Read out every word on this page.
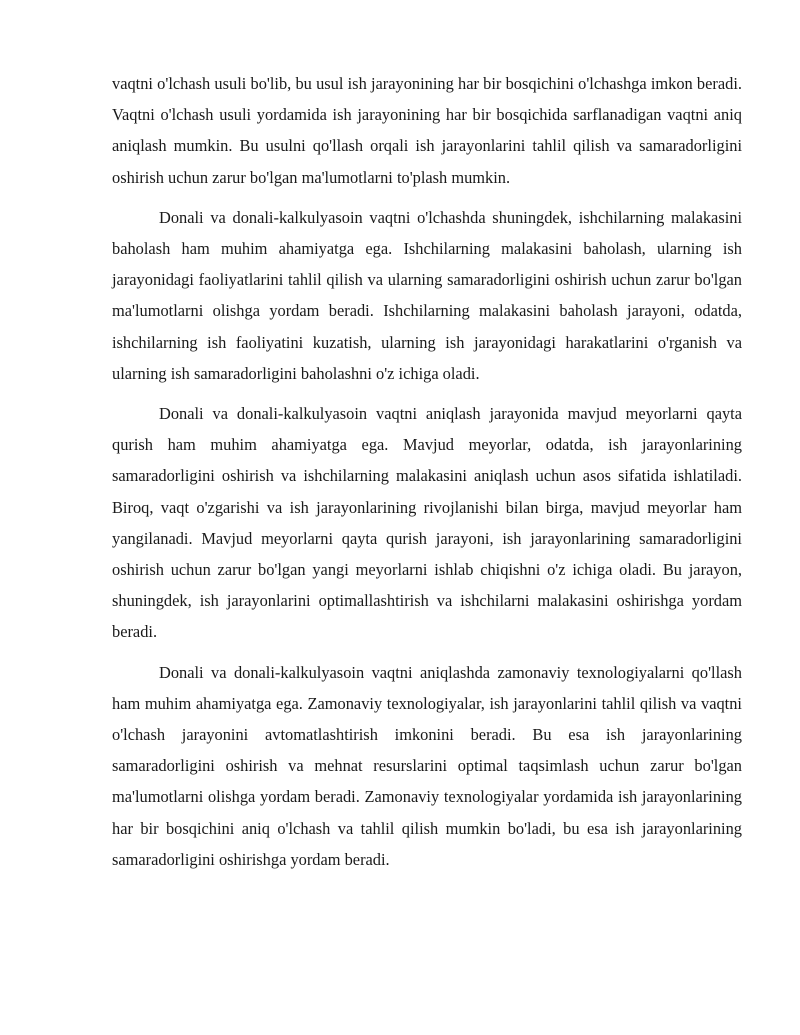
vaqtni o'lchash usuli bo'lib, bu usul ish jarayonining har bir bosqichini o'lchashga imkon beradi. Vaqtni o'lchash usuli yordamida ish jarayonining har bir bosqichida sarflanadigan vaqtni aniq aniqlash mumkin. Bu usulni qo'llash orqali ish jarayonlarini tahlil qilish va samaradorligini oshirish uchun zarur bo'lgan ma'lumotlarni to'plash mumkin.

Donali va donali-kalkulyasoin vaqtni o'lchashda shuningdek, ishchilarning malakasini baholash ham muhim ahamiyatga ega. Ishchilarning malakasini baholash, ularning ish jarayonidagi faoliyatlarini tahlil qilish va ularning samaradorligini oshirish uchun zarur bo'lgan ma'lumotlarni olishga yordam beradi. Ishchilarning malakasini baholash jarayoni, odatda, ishchilarning ish faoliyatini kuzatish, ularning ish jarayonidagi harakatlarini o'rganish va ularning ish samaradorligini baholashni o'z ichiga oladi.

Donali va donali-kalkulyasoin vaqtni aniqlash jarayonida mavjud meyorlarni qayta qurish ham muhim ahamiyatga ega. Mavjud meyorlar, odatda, ish jarayonlarining samaradorligini oshirish va ishchilarning malakasini aniqlash uchun asos sifatida ishlatiladi. Biroq, vaqt o'zgarishi va ish jarayonlarining rivojlanishi bilan birga, mavjud meyorlar ham yangilanadi. Mavjud meyorlarni qayta qurish jarayoni, ish jarayonlarining samaradorligini oshirish uchun zarur bo'lgan yangi meyorlarni ishlab chiqishni o'z ichiga oladi. Bu jarayon, shuningdek, ish jarayonlarini optimallashtirish va ishchilarni malakasini oshirishga yordam beradi.

Donali va donali-kalkulyasoin vaqtni aniqlashda zamonaviy texnologiyalarni qo'llash ham muhim ahamiyatga ega. Zamonaviy texnologiyalar, ish jarayonlarini tahlil qilish va vaqtni o'lchash jarayonini avtomatlashtirish imkonini beradi. Bu esa ish jarayonlarining samaradorligini oshirish va mehnat resurslarini optimal taqsimlash uchun zarur bo'lgan ma'lumotlarni olishga yordam beradi. Zamonaviy texnologiyalar yordamida ish jarayonlarining har bir bosqichini aniq o'lchash va tahlil qilish mumkin bo'ladi, bu esa ish jarayonlarining samaradorligini oshirishga yordam beradi.
